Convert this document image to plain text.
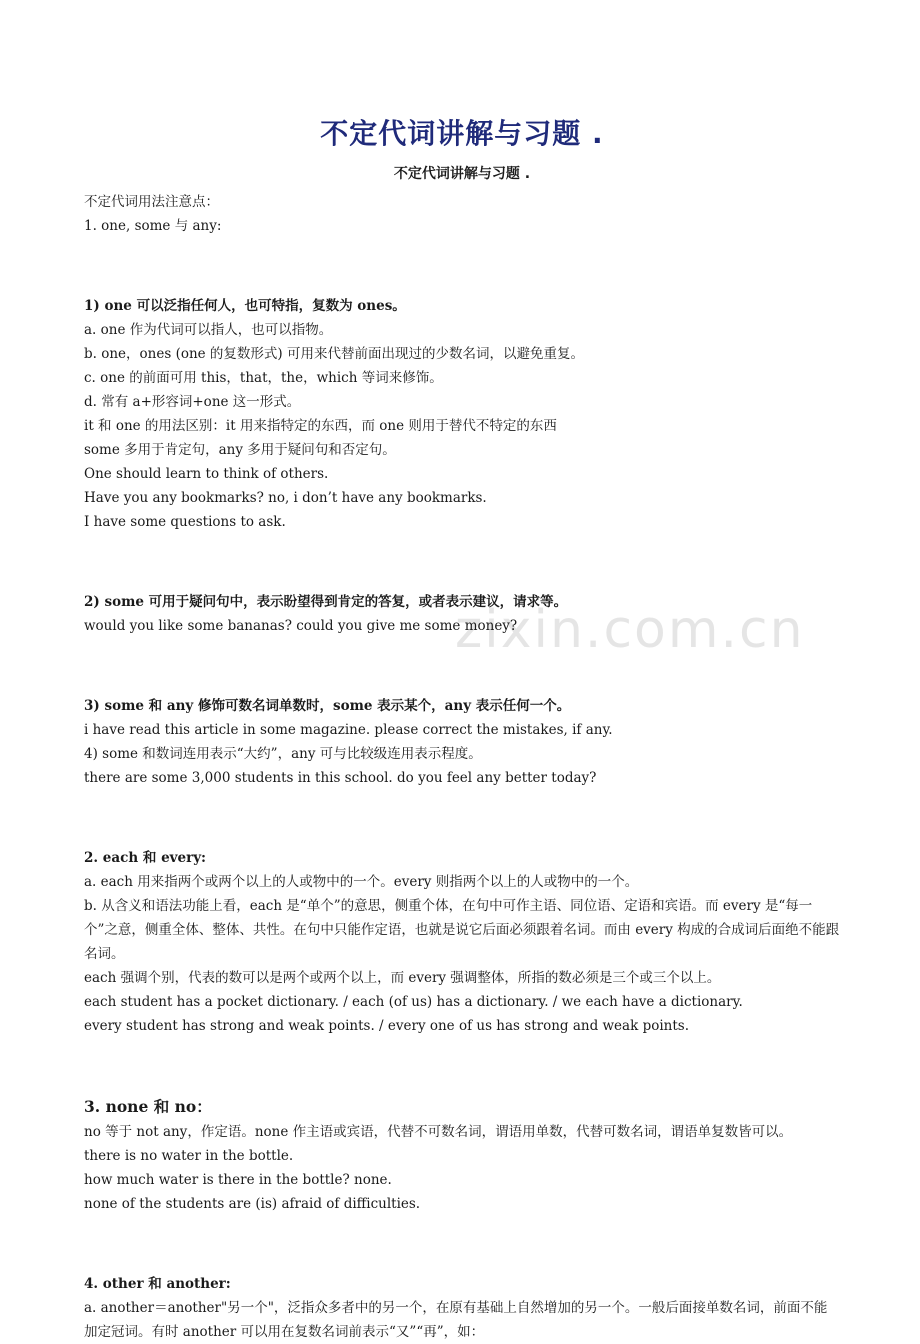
zixin.com.cn
不定代词讲解与习题 .
不定代词讲解与习题 .

不定代词用法注意点：

1. one, some 与 any:

1) one 可以泛指任何人，也可特指，复数为 ones。

a. one 作为代词可以指人，也可以指物。

b. one，ones (one 的复数形式) 可用来代替前面出现过的少数名词，以避免重复。

c. one 的前面可用 this，that，the，which 等词来修饰。

d. 常有 a+形容词+one 这一形式。

it 和 one 的用法区别：it 用来指特定的东西，而 one 则用于替代不特定的东西

some 多用于肯定句，any 多用于疑问句和否定句。

One should learn to think of others.

Have you any bookmarks? no, i don’t have any bookmarks.

I have some questions to ask.

2) some 可用于疑问句中，表示盼望得到肯定的答复，或者表示建议，请求等。

would you like some bananas? could you give me some money?

3) some 和 any 修饰可数名词单数时，some 表示某个，any 表示任何一个。

i have read this article in some magazine. please correct the mistakes, if any.

4) some 和数词连用表示“大约”，any 可与比较级连用表示程度。

there are some 3,000 students in this school. do you feel any better today?

2. each 和 every:

a. each 用来指两个或两个以上的人或物中的一个。every 则指两个以上的人或物中的一个。

b. 从含义和语法功能上看，each 是“单个”的意思，侧重个体，在句中可作主语、同位语、定语和宾语。而 every 是“每一个”之意，侧重全体、整体、共性。在句中只能作定语，也就是说它后面必须跟着名词。而由 every 构成的合成词后面绝不能跟名词。

each 强调个别，代表的数可以是两个或两个以上，而 every 强调整体，所指的数必须是三个或三个以上。

each student has a pocket dictionary. / each (of us) has a dictionary. / we each have a dictionary.

every student has strong and weak points. / every one of us has strong and weak points.

3. none 和 no：

no 等于 not any，作定语。none 作主语或宾语，代替不可数名词，谓语用单数，代替可数名词，谓语单复数皆可以。

there is no water in the bottle.

how much water is there in the bottle? none.

none of the students are (is) afraid of difficulties.

4. other 和 another:

a. another＝another"另一个"，泛指众多者中的另一个，在原有基础上自然增加的另一个。一般后面接单数名词，前面不能加定冠词。有时 another 可以用在复数名词前表示“又”“再”，如：
